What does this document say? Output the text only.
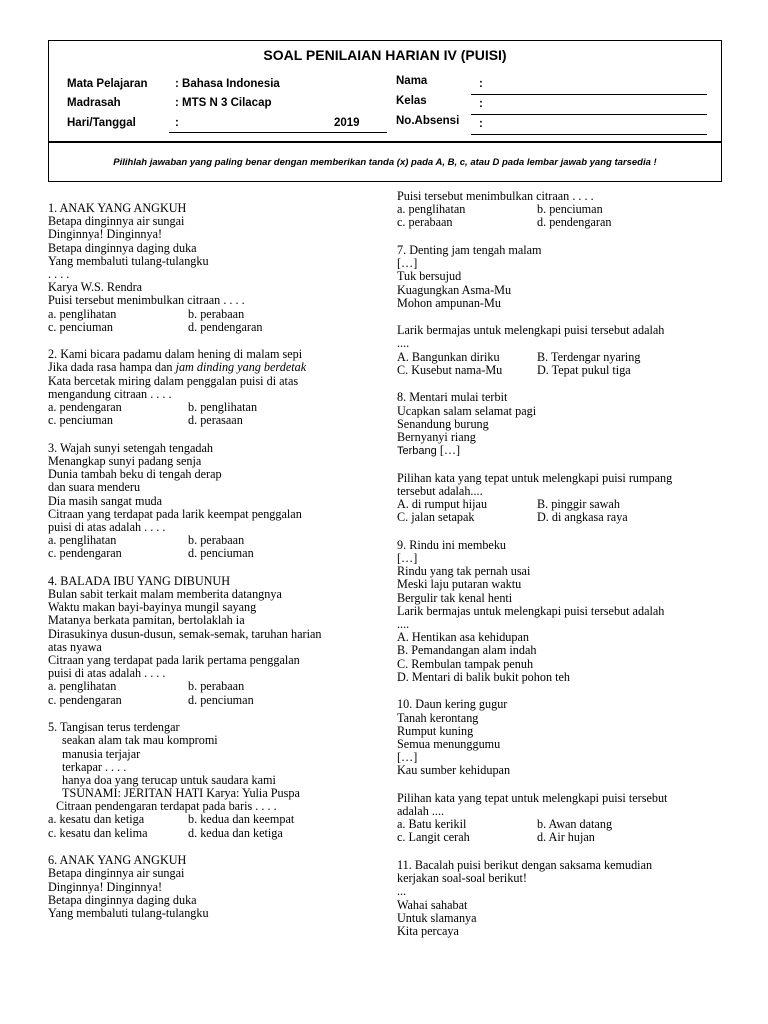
SOAL PENILAIAN HARIAN IV (PUISI)
Mata Pelajaran : Bahasa Indonesia
Madrasah	: MTS N 3 Cilacap
Hari/Tanggal	:	2019
Nama	:
Kelas	:
No.Absensi :
Pilihlah jawaban yang paling benar dengan memberikan tanda (x) pada A, B, c, atau D pada lembar jawab yang tarsedia !
1. ANAK YANG ANGKUH
Betapa dinginnya air sungai
Dinginnya! Dinginnya!
Betapa dinginnya daging duka
Yang membaluti tulang-tulangku
. . . .
Karya W.S. Rendra
Puisi tersebut menimbulkan citraan . . . .
a. penglihatan	b. perabaan
c. penciuman	d. pendengaran
2. Kami bicara padamu dalam hening di malam sepi
Jika dada rasa hampa dan jam dinding yang berdetak
Kata bercetak miring dalam penggalan puisi di atas
mengandung citraan . . . .
a. pendengaran	b. penglihatan
c. penciuman	d. perasaan
3. Wajah sunyi setengah tengadah
Menangkap sunyi padang senja
Dunia tambah beku di tengah derap
dan suara menderu
Dia masih sangat muda
Citraan yang terdapat pada larik keempat penggalan
puisi di atas adalah . . . .
a. penglihatan	b. perabaan
c. pendengaran	d. penciuman
4. BALADA IBU YANG DIBUNUH
Bulan sabit terkait malam memberita datangnya
Waktu makan bayi-bayinya mungil sayang
Matanya berkata pamitan, bertolaklah ia
Dirasukinya dusun-dusun, semak-semak, taruhan harian
atas nyawa
Citraan yang terdapat pada larik pertama penggalan
puisi di atas adalah . . . .
a. penglihatan	b. perabaan
c. pendengaran	d. penciuman
5. Tangisan terus terdengar
seakan alam tak mau kompromi
manusia terjajar
terkapar . . . .
hanya doa yang terucap untuk saudara kami
TSUNAMI: JERITAN HATI Karya: Yulia Puspa
Citraan pendengaran terdapat pada baris . . . .
a. kesatu dan ketiga	b. kedua dan keempat
c. kesatu dan kelima	d. kedua dan ketiga
6. ANAK YANG ANGKUH
Betapa dinginnya air sungai
Dinginnya! Dinginnya!
Betapa dinginnya daging duka
Yang membaluti tulang-tulangku
Puisi tersebut menimbulkan citraan . . . .
a. penglihatan	b. penciuman
c. perabaan	d. pendengaran
7. Denting jam tengah malam
[…]
Tuk bersujud
Kuagungkan Asma-Mu
Mohon ampunan-Mu
Larik bermajas untuk melengkapi puisi tersebut adalah
....
A. Bangunkan diriku	B. Terdengar nyaring
C. Kusebut nama-Mu	D. Tepat pukul tiga
8. Mentari mulai terbit
Ucapkan salam selamat pagi
Senandung burung
Bernyanyi riang
Terbang […]
Pilihan kata yang tepat untuk melengkapi puisi rumpang
tersebut adalah....
A. di rumput hijau	B. pinggir sawah
C. jalan setapak	D. di angkasa raya
9. Rindu ini membeku
[…]
Rindu yang tak pernah usai
Meski laju putaran waktu
Bergulir tak kenal henti
Larik bermajas untuk melengkapi puisi tersebut adalah
....
A. Hentikan asa kehidupan
B. Pemandangan alam indah
C. Rembulan tampak penuh
D. Mentari di balik bukit pohon teh
10. Daun kering gugur
Tanah kerontang
Rumput kuning
Semua menunggumu
[…]
Kau sumber kehidupan
Pilihan kata yang tepat untuk melengkapi puisi tersebut
adalah ....
a. Batu kerikil	b. Awan datang
c. Langit cerah	d. Air hujan
11. Bacalah puisi berikut dengan saksama kemudian
kerjakan soal-soal berikut!
...
Wahai sahabat
Untuk slamanya
Kita percaya
